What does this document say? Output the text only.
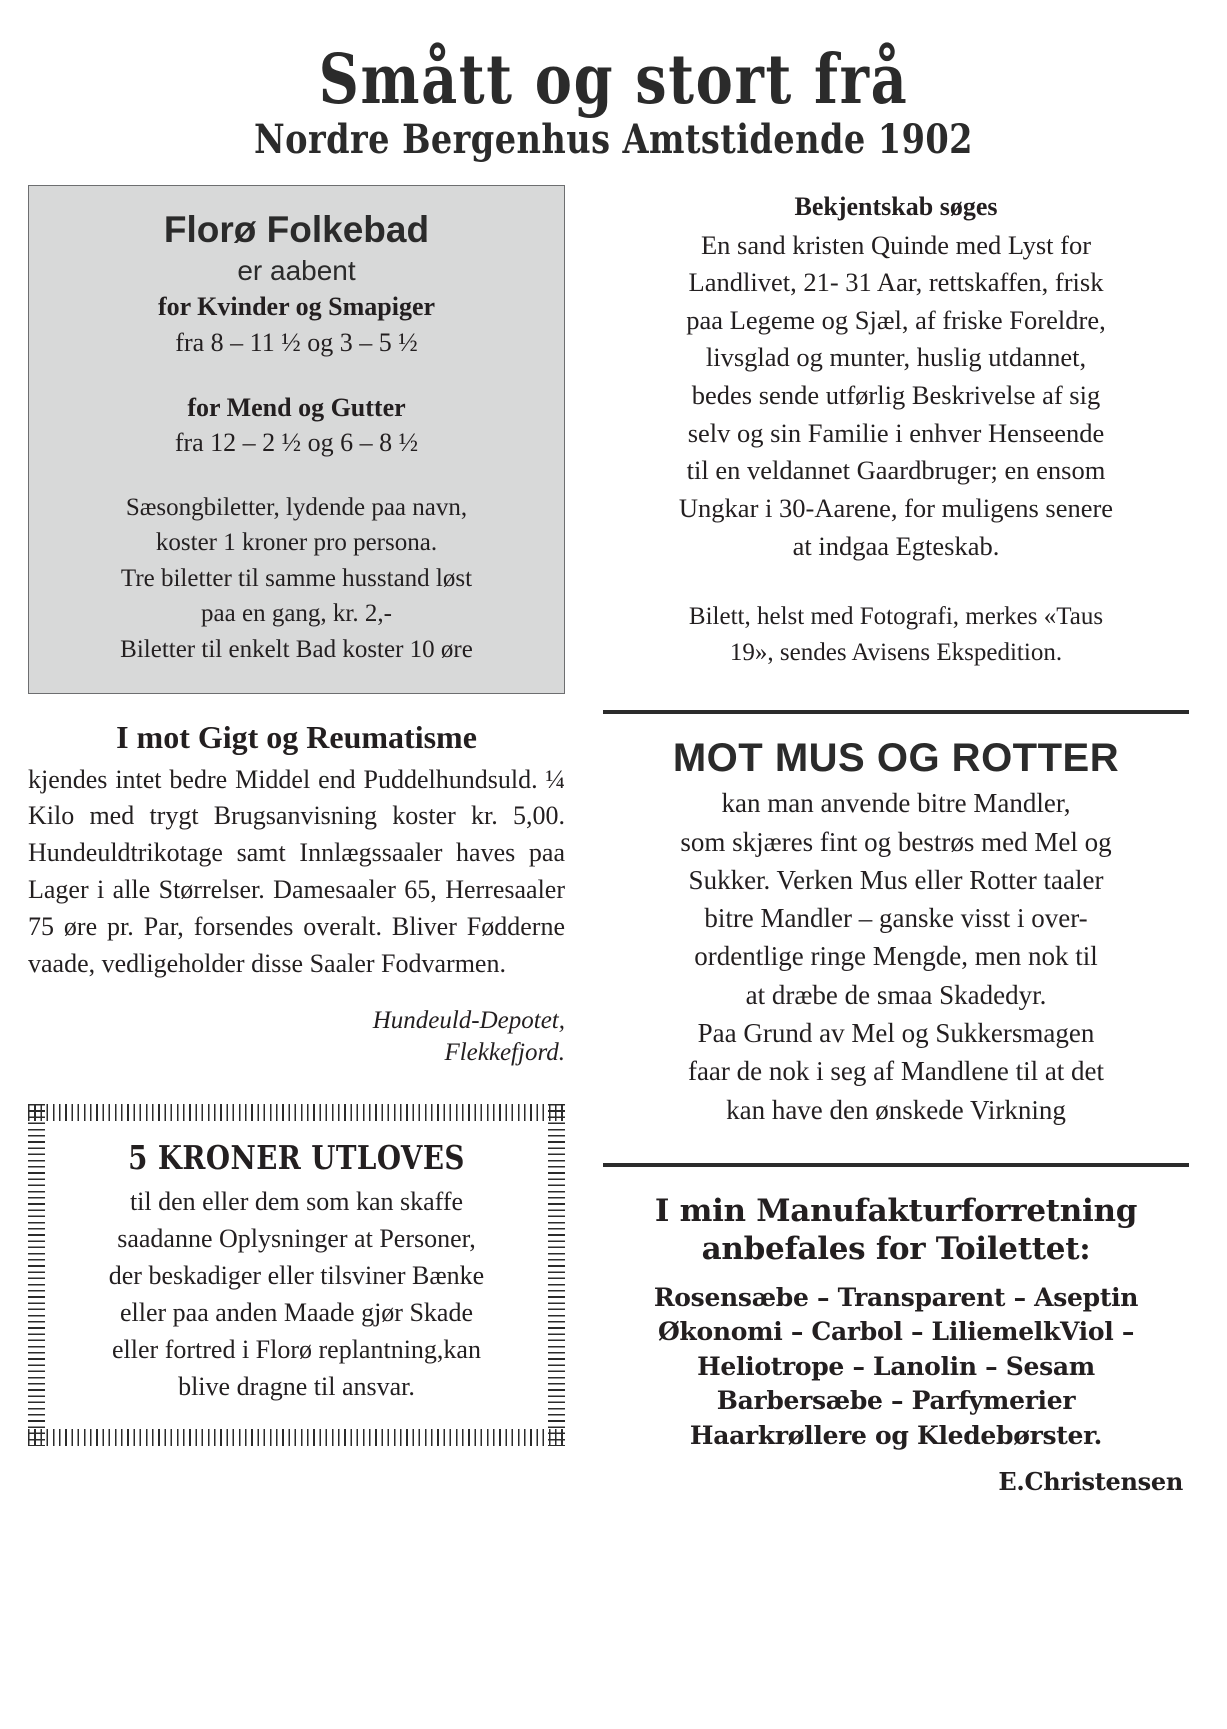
Smått og stort frå
Nordre Bergenhus Amtstidende 1902
Florø Folkebad
er aabent
for Kvinder og Smapiger
fra 8 – 11 ½ og 3 – 5 ½
for Mend og Gutter
fra 12 – 2 ½ og 6 – 8 ½
Sæsongbiletter, lydende paa navn,
koster 1 kroner pro persona.
Tre biletter til samme husstand løst
paa en gang, kr. 2,-
Biletter til enkelt Bad koster 10 øre
I mot Gigt og Reumatisme

kjendes intet bedre Middel end Puddelhundsuld. ¼ Kilo med trygt Brugsanvisning koster kr. 5,00. Hundeuldtrikotage samt Innlægssaaler haves paa Lager i alle Størrelser. Damesaaler 65, Herresaaler 75 øre pr. Par, forsendes overalt. Bliver Fødderne vaade, vedligeholder disse Saaler Fodvarmen.

Hundeuld-Depotet,
Flekkefjord.
5 KRONER UTLOVES
til den eller dem som kan skaffe
saadanne Oplysninger at Personer,
der beskadiger eller tilsviner Bænke
eller paa anden Maade gjør Skade
eller fortred i Florø replantning,kan
blive dragne til ansvar.
Bekjentskab søges
En sand kristen Quinde med Lyst for
Landlivet, 21- 31 Aar, rettskaffen, frisk
paa Legeme og Sjæl, af friske Foreldre,
livsglad og munter, huslig utdannet,
bedes sende utførlig Beskrivelse af sig
selv og sin Familie i enhver Henseende
til en veldannet Gaardbruger; en ensom
Ungkar i 30-Aarene, for muligens senere
at indgaa Egteskab.
Bilett, helst med Fotografi, merkes «Taus
19», sendes Avisens Ekspedition.
MOT MUS OG ROTTER
kan man anvende bitre Mandler,
som skjæres fint og bestrøs med Mel og
Sukker. Verken Mus eller Rotter taaler
bitre Mandler – ganske visst i over-
ordentlige ringe Mengde, men nok til
at dræbe de smaa Skadedyr.
Paa Grund av Mel og Sukkersmagen
faar de nok i seg af Mandlene til at det
kan have den ønskede Virkning
I min Manufakturforretning
anbefales for Toilettet:
Rosensæbe – Transparent – Aseptin
Økonomi – Carbol – LiliemelkViol –
Heliotrope – Lanolin – Sesam
Barbersæbe – Parfymerier
Haarkrøllere og Kledebørster.
E.Christensen
